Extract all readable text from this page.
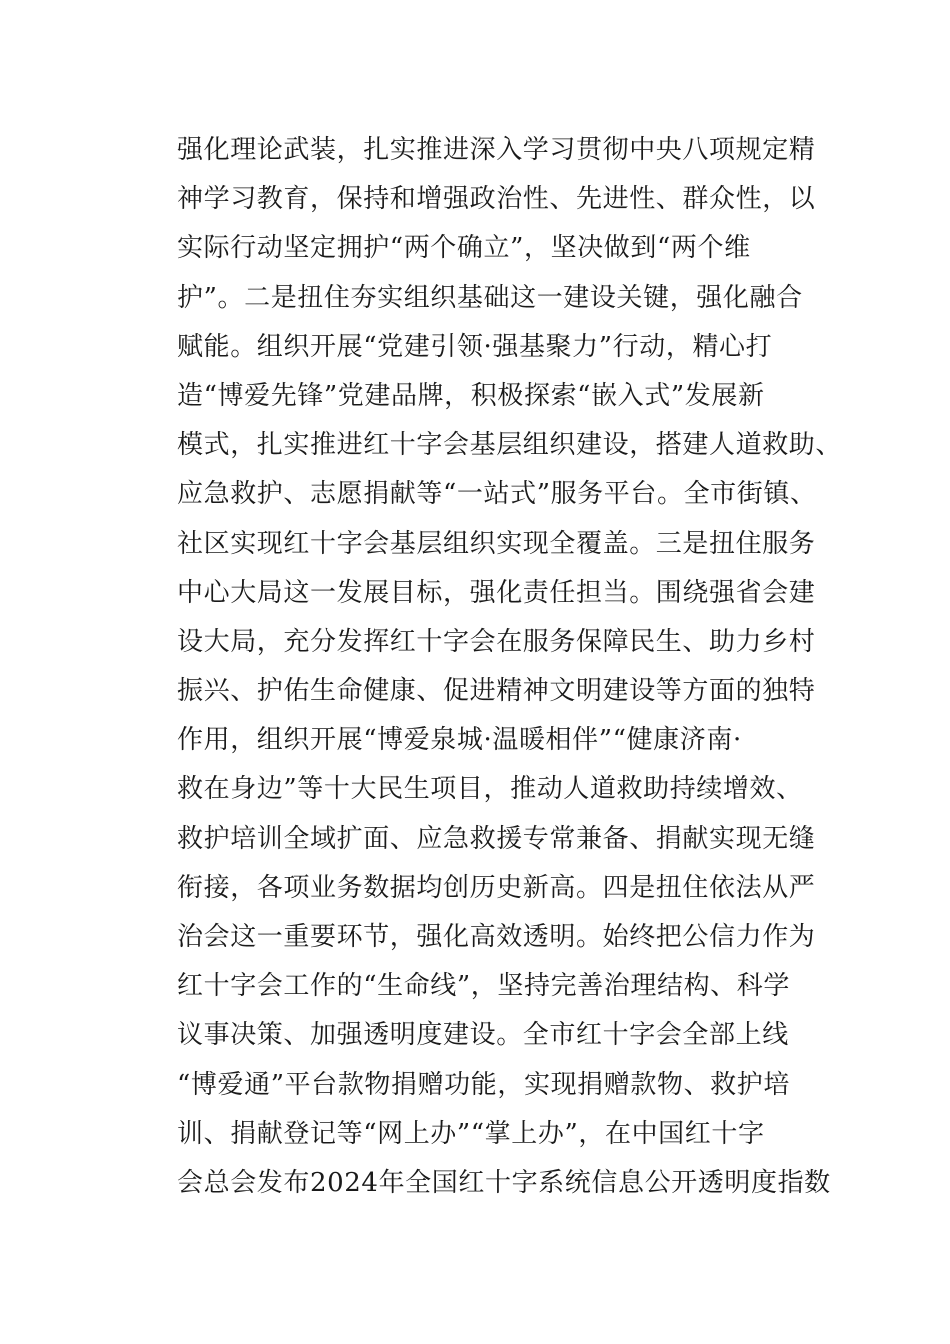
强化理论武装，扎实推进深入学习贯彻中央八项规定精
神学习教育，保持和增强政治性、先进性、群众性，以
实际行动坚定拥护“两个确立”，坚决做到“两个维
护”。二是扭住夯实组织基础这一建设关键，强化融合
赋能。组织开展“党建引领·强基聚力”行动，精心打
造“博爱先锋”党建品牌，积极探索“嵌入式”发展新
模式，扎实推进红十字会基层组织建设，搭建人道救助、
应急救护、志愿捐献等“一站式”服务平台。全市街镇、
社区实现红十字会基层组织实现全覆盖。三是扭住服务
中心大局这一发展目标，强化责任担当。围绕强省会建
设大局，充分发挥红十字会在服务保障民生、助力乡村
振兴、护佑生命健康、促进精神文明建设等方面的独特
作用，组织开展“博爱泉城·温暖相伴”“健康济南·
救在身边”等十大民生项目，推动人道救助持续增效、
救护培训全域扩面、应急救援专常兼备、捐献实现无缝
衔接，各项业务数据均创历史新高。四是扭住依法从严
治会这一重要环节，强化高效透明。始终把公信力作为
红十字会工作的“生命线”，坚持完善治理结构、科学
议事决策、加强透明度建设。全市红十字会全部上线
“博爱通”平台款物捐赠功能，实现捐赠款物、救护培
训、捐献登记等“网上办”“掌上办”，在中国红十字
会总会发布2024年全国红十字系统信息公开透明度指数
